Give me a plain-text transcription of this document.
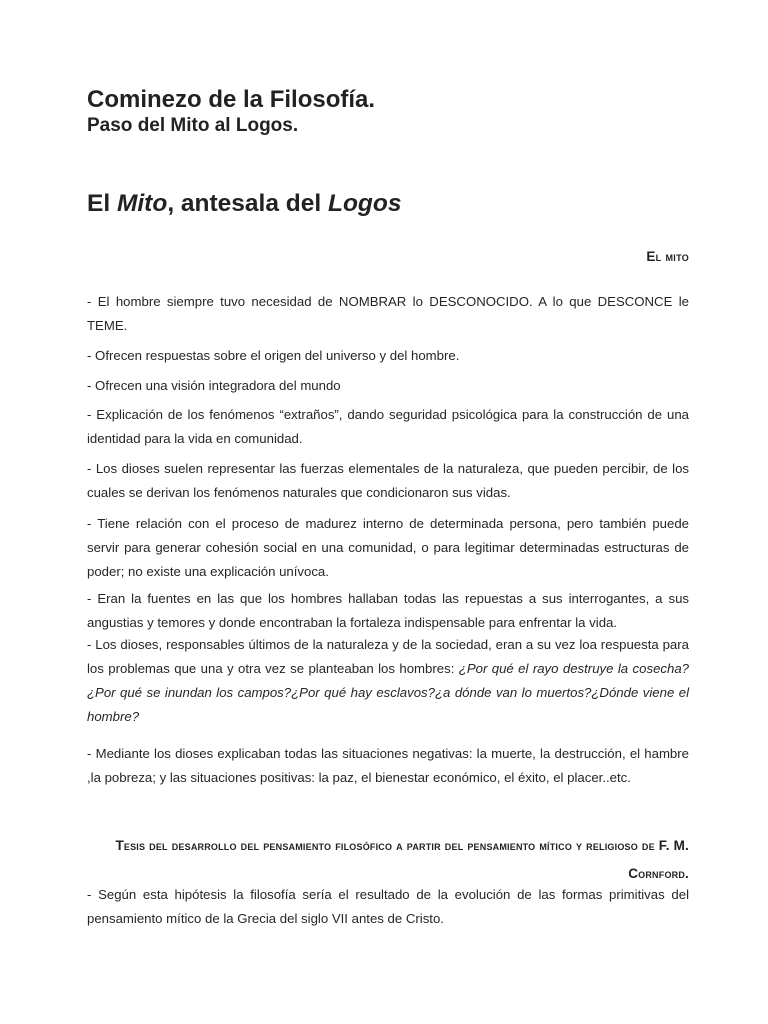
Cominezo de la Filosofía.
Paso del Mito al Logos.
El Mito, antesala del Logos
El mito
- El hombre siempre tuvo necesidad de NOMBRAR lo DESCONOCIDO. A lo que DESCONCE le TEME.
- Ofrecen respuestas sobre el origen del universo y del hombre.
- Ofrecen una visión integradora del mundo
- Explicación de los fenómenos “extraños”, dando seguridad psicológica para la construcción de una identidad para la vida en comunidad.
- Los dioses suelen representar las fuerzas elementales de la naturaleza, que pueden percibir, de los cuales se derivan los fenómenos naturales que condicionaron sus vidas.
- Tiene relación con el proceso de madurez interno de determinada persona, pero también puede servir para generar cohesión social en una comunidad, o para legitimar determinadas estructuras de poder; no existe una explicación unívoca.
- Eran la fuentes en las que los hombres hallaban todas las repuestas a sus interrogantes, a sus angustias y temores y donde encontraban la fortaleza indispensable para enfrentar la vida.
- Los dioses, responsables últimos de la naturaleza y de la sociedad, eran a su vez loa respuesta para los problemas que una y otra vez se planteaban los hombres: ¿Por qué el rayo destruye la cosecha?¿Por qué se inundan los campos?¿Por qué hay esclavos?¿a dónde van lo muertos?¿Dónde viene el hombre?
- Mediante los dioses explicaban todas las situaciones negativas: la muerte, la destrucción, el hambre ,la pobreza; y las situaciones positivas: la paz, el bienestar económico, el éxito, el placer..etc.
Tesis del desarrollo del pensamiento filosófico a partir del pensamiento mítico y religioso de F. M. Cornford.
- Según esta hipótesis la filosofía sería el resultado de la evolución de las formas primitivas del pensamiento mítico de la Grecia del siglo VII antes de Cristo.
